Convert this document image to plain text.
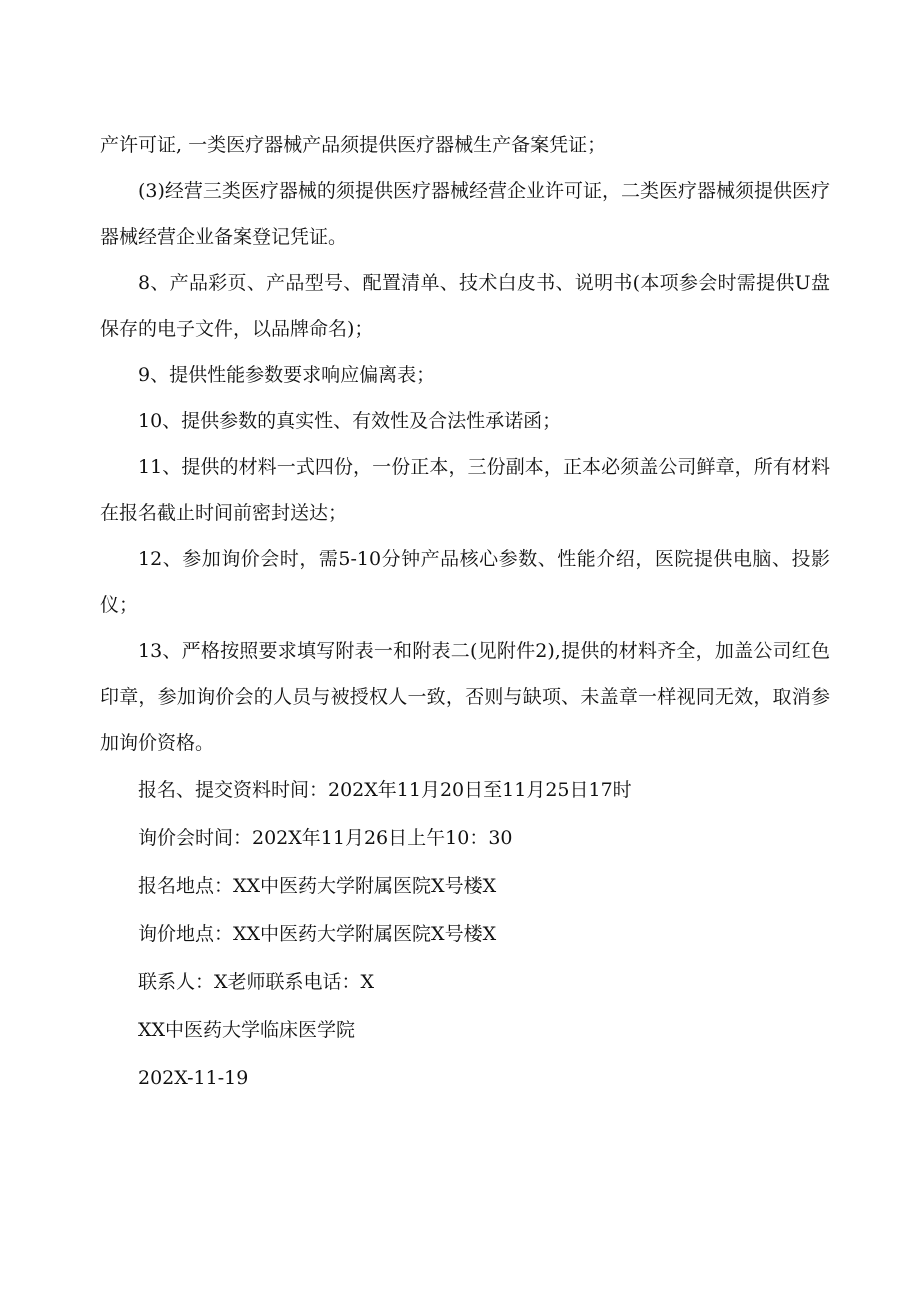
产许可证, 一类医疗器械产品须提供医疗器械生产备案凭证；

(3)经营三类医疗器械的须提供医疗器械经营企业许可证，二类医疗器械须提供医疗器械经营企业备案登记凭证。

8、产品彩页、产品型号、配置清单、技术白皮书、说明书(本项参会时需提供U盘保存的电子文件，以品牌命名)；

9、提供性能参数要求响应偏离表；

10、提供参数的真实性、有效性及合法性承诺函；

11、提供的材料一式四份，一份正本，三份副本，正本必须盖公司鲜章，所有材料在报名截止时间前密封送达；

12、参加询价会时，需5-10分钟产品核心参数、性能介绍，医院提供电脑、投影仪；

13、严格按照要求填写附表一和附表二(见附件2),提供的材料齐全，加盖公司红色印章，参加询价会的人员与被授权人一致，否则与缺项、未盖章一样视同无效，取消参加询价资格。

报名、提交资料时间：202X年11月20日至11月25日17时

询价会时间：202X年11月26日上午10：30

报名地点：XX中医药大学附属医院X号楼X

询价地点：XX中医药大学附属医院X号楼X

联系人：X老师联系电话：X

XX中医药大学临床医学院

202X-11-19
